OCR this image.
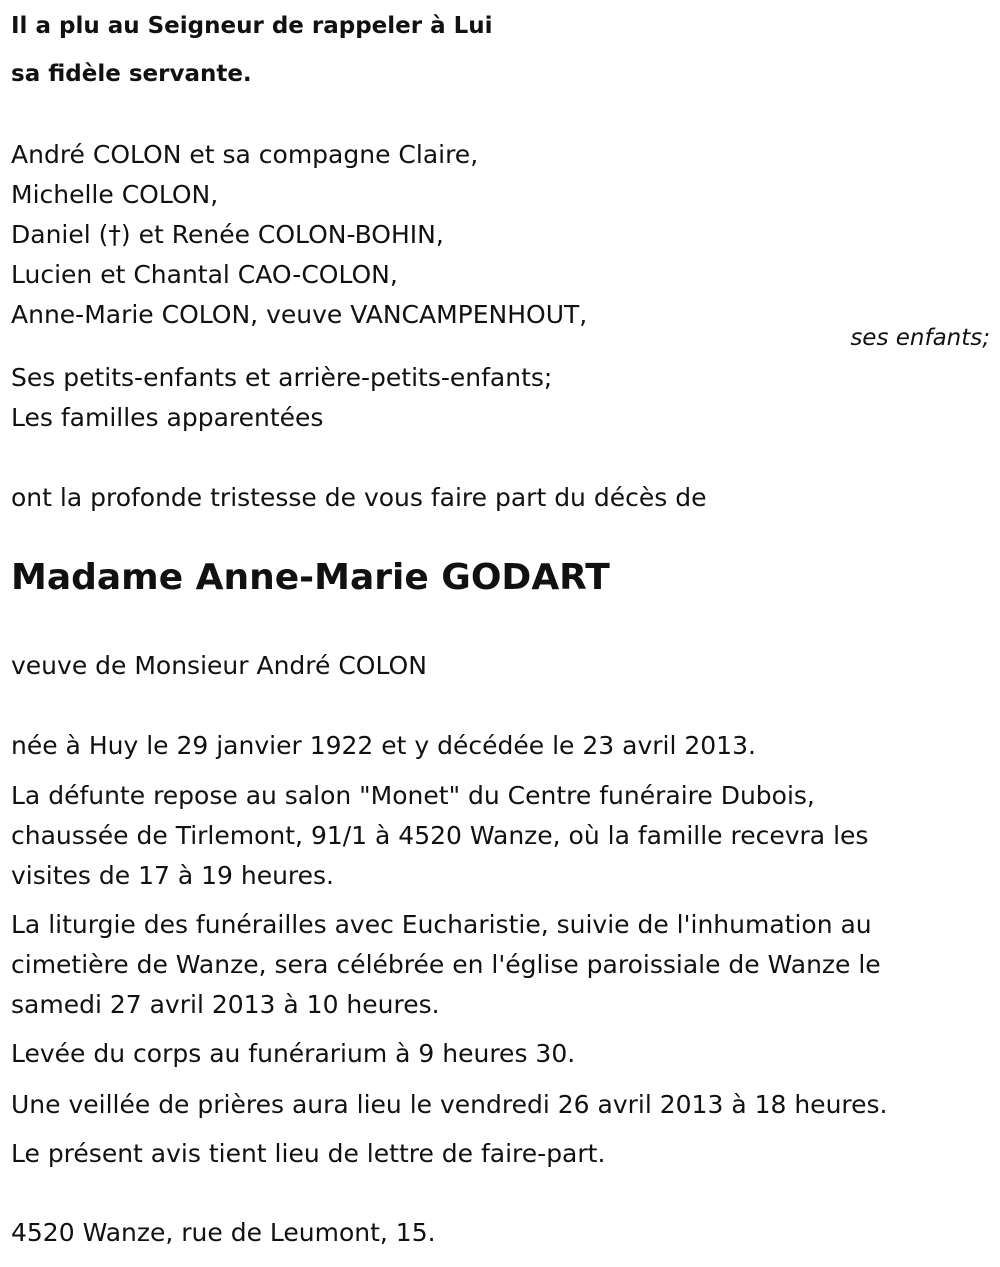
Il a plu au Seigneur de rappeler à Lui
sa fidèle servante.
André COLON et sa compagne Claire,
Michelle COLON,
Daniel (†) et Renée COLON-BOHIN,
Lucien et Chantal CAO-COLON,
Anne-Marie COLON, veuve VANCAMPENHOUT,
ses enfants;
Ses petits-enfants et arrière-petits-enfants;
Les familles apparentées
ont la profonde tristesse de vous faire part du décès de
Madame Anne-Marie GODART
veuve de Monsieur André COLON
née à Huy le 29 janvier 1922 et y décédée le 23 avril 2013.
La défunte repose au salon "Monet" du Centre funéraire Dubois,
chaussée de Tirlemont, 91/1 à 4520 Wanze, où la famille recevra les
visites de 17 à 19 heures.
La liturgie des funérailles avec Eucharistie, suivie de l'inhumation au
cimetière de Wanze, sera célébrée en l'église paroissiale de Wanze le
samedi 27 avril 2013 à 10 heures.
Levée du corps au funérarium à 9 heures 30.
Une veillée de prières aura lieu le vendredi 26 avril 2013 à 18 heures.
Le présent avis tient lieu de lettre de faire-part.
4520 Wanze, rue de Leumont, 15.
